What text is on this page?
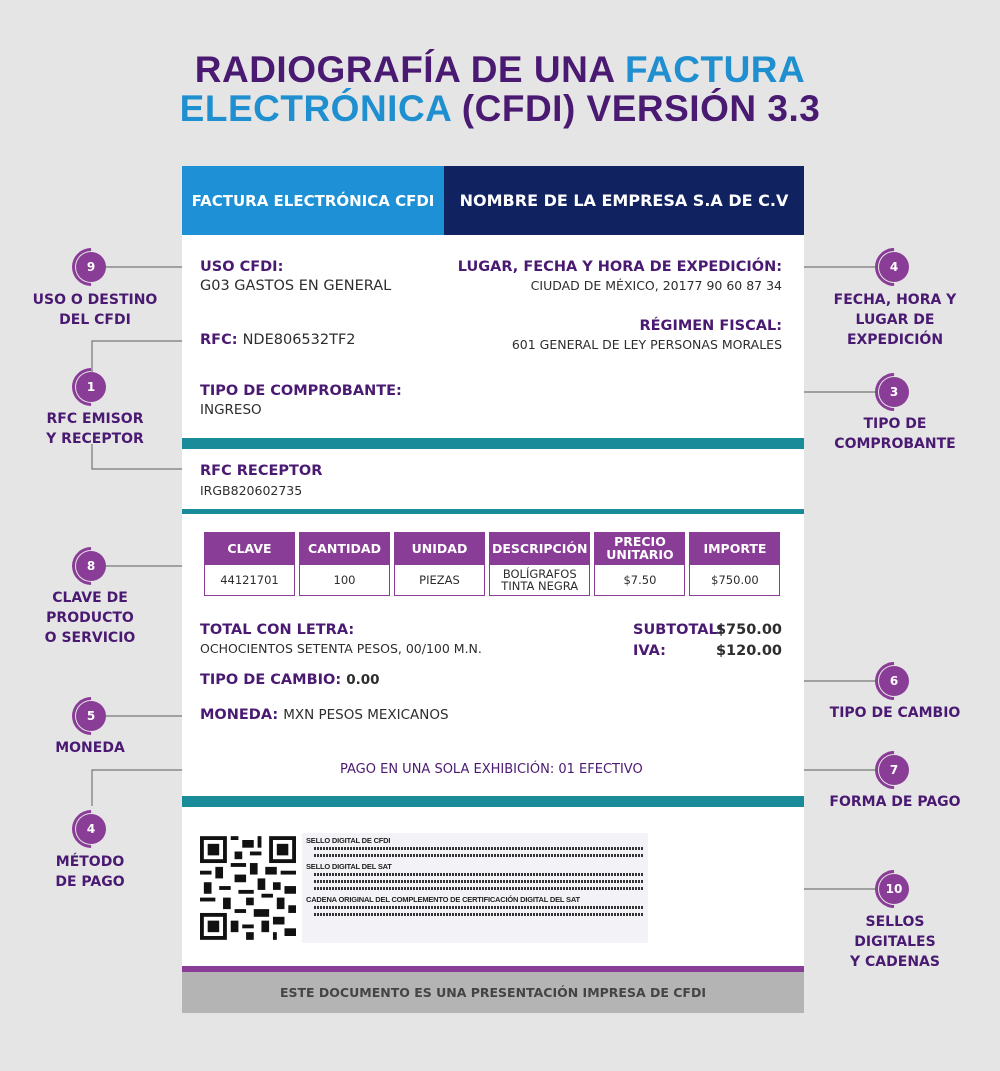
RADIOGRAFÍA DE UNA FACTURA
ELECTRÓNICA (CFDI) VERSIÓN 3.3
FACTURA ELECTRÓNICA CFDI	NOMBRE DE LA EMPRESA S.A DE C.V
USO CFDI:
G03 GASTOS EN GENERAL
RFC: NDE806532TF2
TIPO DE COMPROBANTE:
INGRESO
LUGAR, FECHA Y HORA DE EXPEDICIÓN:
CIUDAD DE MÉXICO, 20177 90 60 87 34
RÉGIMEN FISCAL:
601 GENERAL DE LEY PERSONAS MORALES
RFC RECEPTOR
IRGB820602735
CLAVE	CANTIDAD	UNIDAD	DESCRIPCIÓN	PRECIO UNITARIO	IMPORTE
44121701	100	PIEZAS	BOLÍGRAFOS TINTA NEGRA	$7.50	$750.00
TOTAL CON LETRA:
OCHOCIENTOS SETENTA PESOS, 00/100 M.N.
SUBTOTAL:
$750.00
IVA:	$120.00
TIPO DE CAMBIO: 0.00
MONEDA: MXN PESOS MEXICANOS
PAGO EN UNA SOLA EXHIBICIÓN: 01 EFECTIVO
SELLO DIGITAL DE CFDI
SELLO DIGITAL DEL SAT
CADENA ORIGINAL DEL COMPLEMENTO DE CERTIFICACIÓN DIGITAL DEL SAT
ESTE DOCUMENTO ES UNA PRESENTACIÓN IMPRESA DE CFDI
9
USO O DESTINO
DEL CFDI
1
RFC EMISOR
Y RECEPTOR
8
CLAVE DE
PRODUCTO
O SERVICIO
5
MONEDA
4
MÉTODO
DE PAGO
4
FECHA, HORA Y
LUGAR DE
EXPEDICIÓN
3
TIPO DE
COMPROBANTE
6
TIPO DE CAMBIO
7
FORMA DE PAGO
10
SELLOS
DIGITALES
Y CADENAS
